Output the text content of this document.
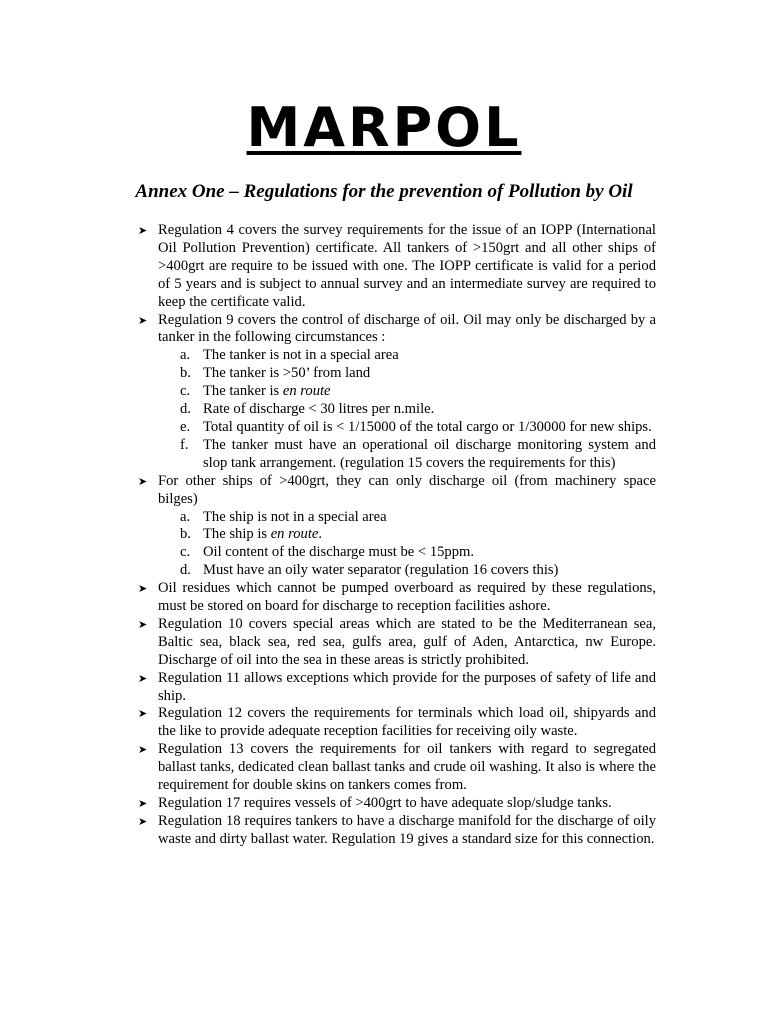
MARPOL
Annex One – Regulations for the prevention of Pollution by Oil
➤ Regulation 4 covers the survey requirements for the issue of an IOPP (International Oil Pollution Prevention) certificate. All tankers of >150grt and all other ships of >400grt are require to be issued with one. The IOPP certificate is valid for a period of 5 years and is subject to annual survey and an intermediate survey are required to keep the certificate valid.
➤ Regulation 9 covers the control of discharge of oil. Oil may only be discharged by a tanker in the following circumstances :
a. The tanker is not in a special area
b. The tanker is >50’ from land
c. The tanker is en route
d. Rate of discharge < 30 litres per n.mile.
e. Total quantity of oil is < 1/15000 of the total cargo or 1/30000 for new ships.
f. The tanker must have an operational oil discharge monitoring system and slop tank arrangement. (regulation 15 covers the requirements for this)
➤ For other ships of >400grt, they can only discharge oil (from machinery space bilges)
a. The ship is not in a special area
b. The ship is en route.
c. Oil content of the discharge must be < 15ppm.
d. Must have an oily water separator (regulation 16 covers this)
➤ Oil residues which cannot be pumped overboard as required by these regulations, must be stored on board for discharge to reception facilities ashore.
➤ Regulation 10 covers special areas which are stated to be the Mediterranean sea, Baltic sea, black sea, red sea, gulfs area, gulf of Aden, Antarctica, nw Europe. Discharge of oil into the sea in these areas is strictly prohibited.
➤ Regulation 11 allows exceptions which provide for the purposes of safety of life and ship.
➤ Regulation 12 covers the requirements for terminals which load oil, shipyards and the like to provide adequate reception facilities for receiving oily waste.
➤ Regulation 13 covers the requirements for oil tankers with regard to segregated ballast tanks, dedicated clean ballast tanks and crude oil washing. It also is where the requirement for double skins on tankers comes from.
➤ Regulation 17 requires vessels of >400grt to have adequate slop/sludge tanks.
➤ Regulation 18 requires tankers to have a discharge manifold for the discharge of oily waste and dirty ballast water. Regulation 19 gives a standard size for this connection.
